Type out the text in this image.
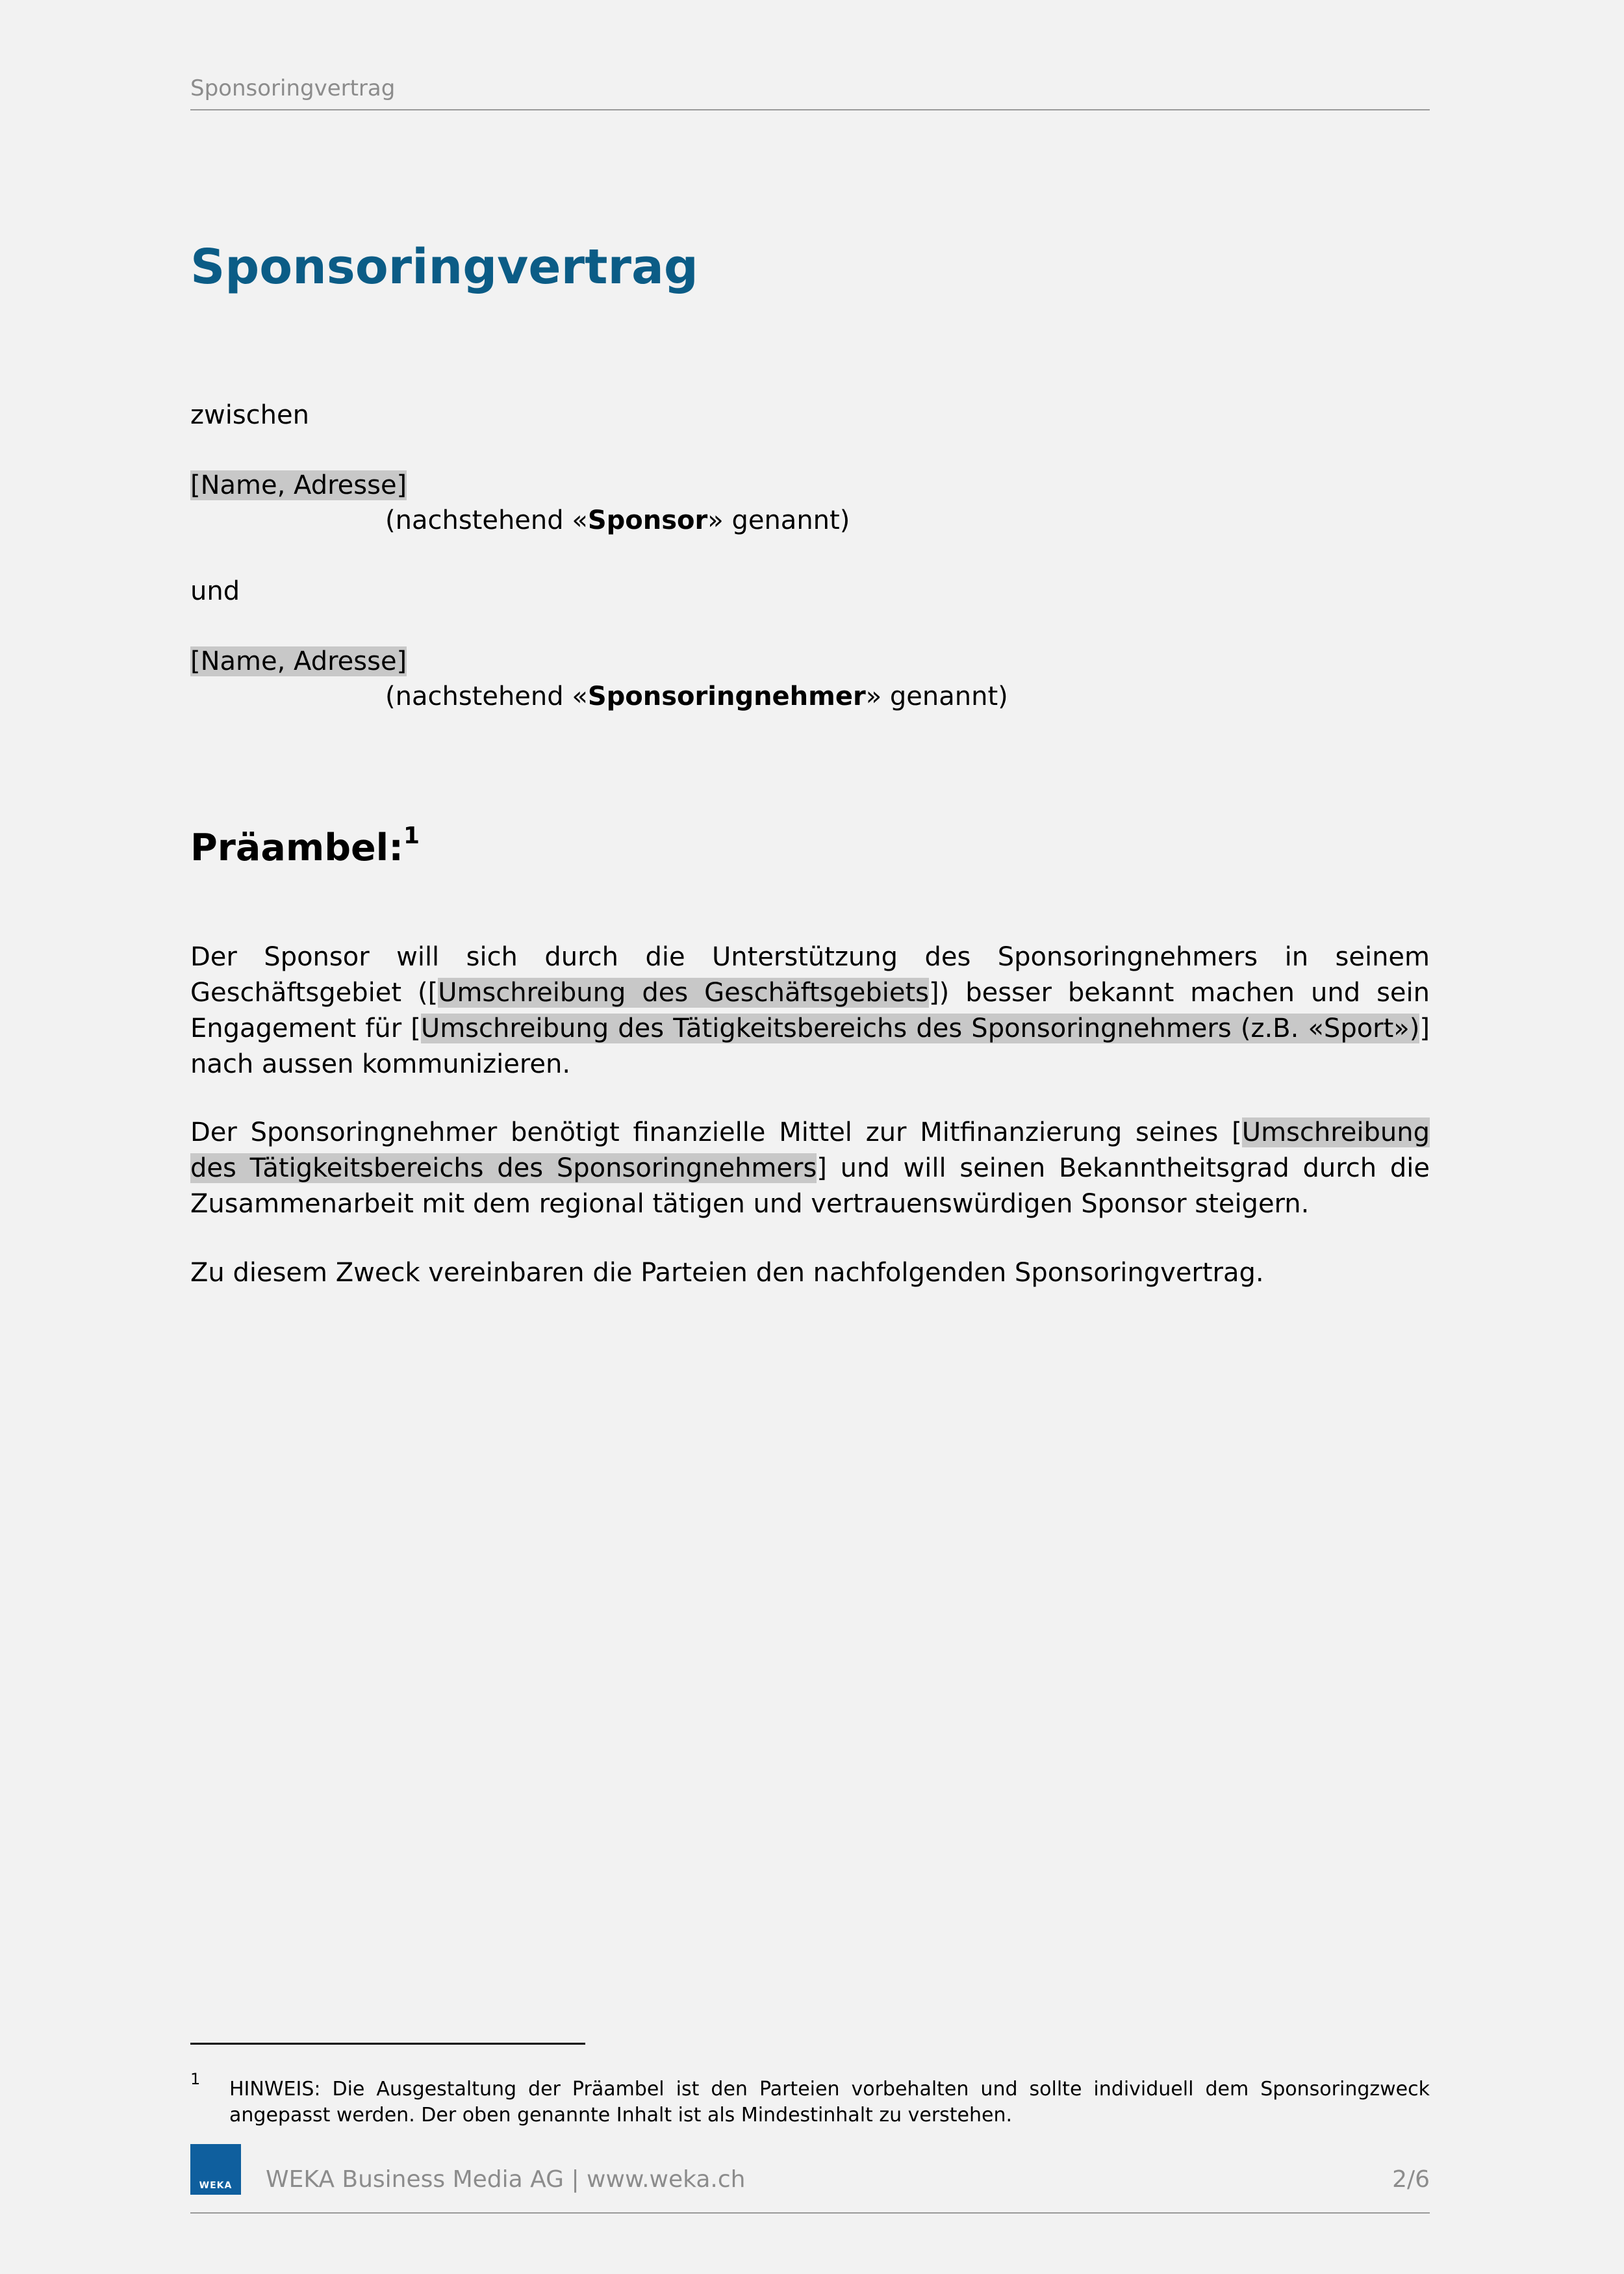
Sponsoringvertrag
Sponsoringvertrag
zwischen
[Name, Adresse]
(nachstehend «Sponsor» genannt)
und
[Name, Adresse]
(nachstehend «Sponsoringnehmer» genannt)
Präambel:$^1$

Der Sponsor will sich durch die Unterstützung des Sponsoringnehmers in seinem Geschäftsgebiet ([Umschreibung des Geschäftsgebiets]) besser bekannt machen und sein Engagement für [Umschreibung des Tätigkeitsbereichs des Sponsoringnehmers (z.B. «Sport»)] nach aussen kommunizieren.

Der Sponsoringnehmer benötigt finanzielle Mittel zur Mitfinanzierung seines [Umschreibung des Tätigkeitsbereichs des Sponsoringnehmers] und will seinen Bekanntheitsgrad durch die Zusammenarbeit mit dem regional tätigen und vertrauenswürdigen Sponsor steigern.

Zu diesem Zweck vereinbaren die Parteien den nachfolgenden Sponsoringvertrag.

1 HINWEIS: Die Ausgestaltung der Präambel ist den Parteien vorbehalten und sollte individuell dem Sponsoringzweck angepasst werden. Der oben genannte Inhalt ist als Mindestinhalt zu verstehen.

WEKA WEKA Business Media AG | www.weka.ch	2/6
